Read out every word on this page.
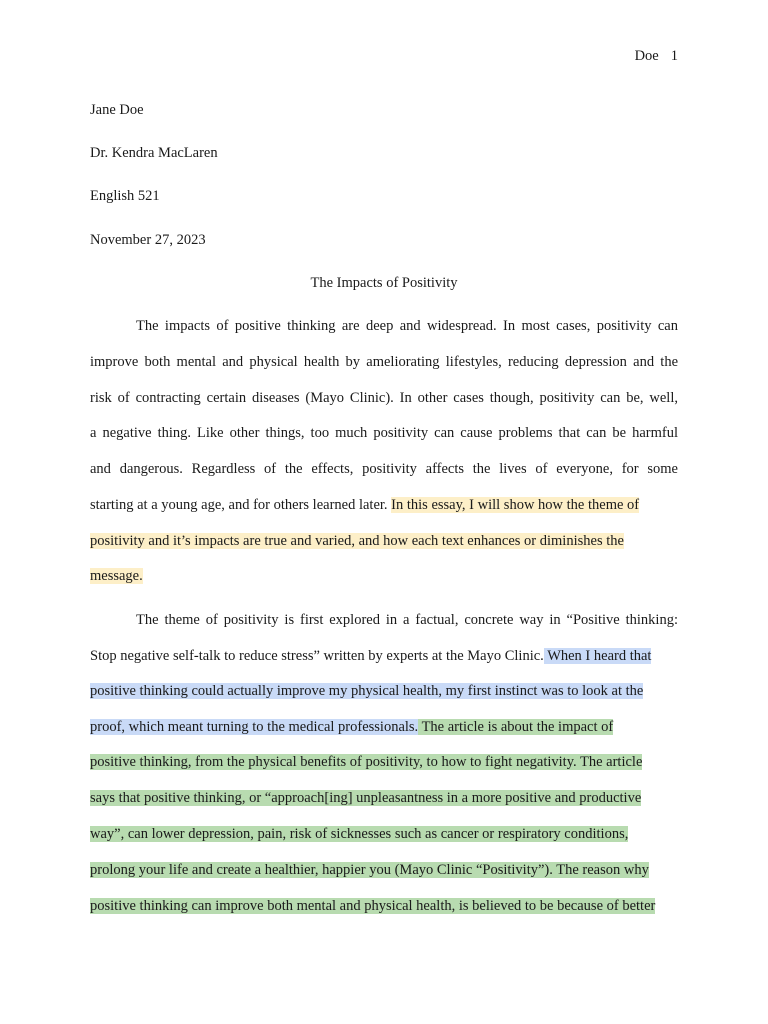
Doe 1
Jane Doe
Dr. Kendra MacLaren
English 521
November 27, 2023
The Impacts of Positivity
The impacts of positive thinking are deep and widespread. In most cases, positivity can
improve both mental and physical health by ameliorating lifestyles, reducing depression and the
risk of contracting certain diseases (Mayo Clinic). In other cases though, positivity can be, well,
a negative thing. Like other things, too much positivity can cause problems that can be harmful
and dangerous. Regardless of the effects, positivity affects the lives of everyone, for some
starting at a young age, and for others learned later. In this essay, I will show how the theme of
positivity and it’s impacts are true and varied, and how each text enhances or diminishes the
message.
The theme of positivity is first explored in a factual, concrete way in “Positive thinking:
Stop negative self-talk to reduce stress” written by experts at the Mayo Clinic. When I heard that
positive thinking could actually improve my physical health, my first instinct was to look at the
proof, which meant turning to the medical professionals. The article is about the impact of
positive thinking, from the physical benefits of positivity, to how to fight negativity. The article
says that positive thinking, or “approach[ing] unpleasantness in a more positive and productive
way”, can lower depression, pain, risk of sicknesses such as cancer or respiratory conditions,
prolong your life and create a healthier, happier you (Mayo Clinic “Positivity”). The reason why
positive thinking can improve both mental and physical health, is believed to be because of better
